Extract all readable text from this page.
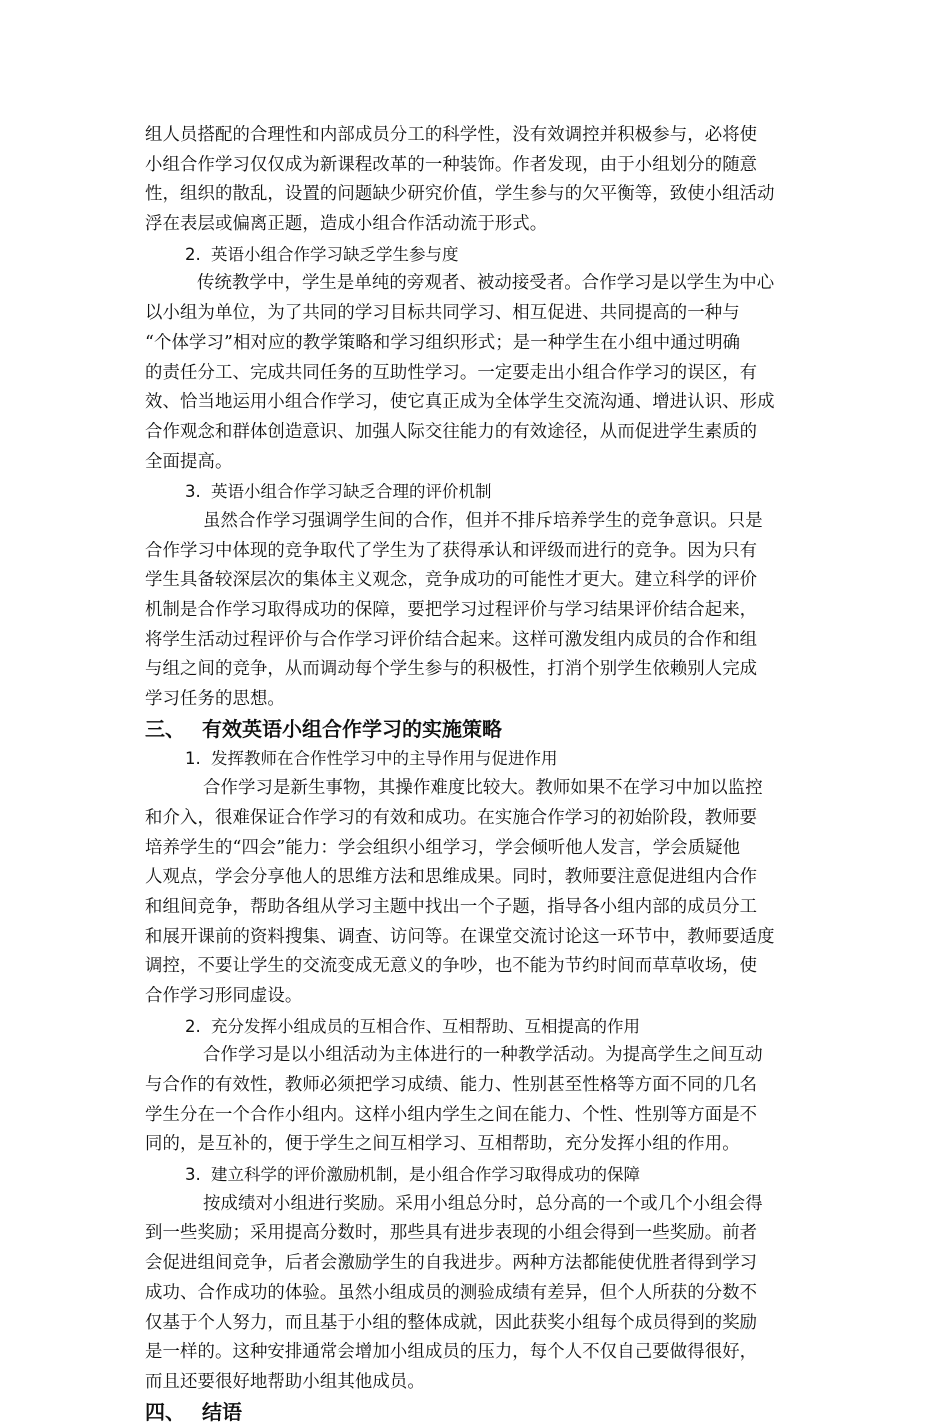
组人员搭配的合理性和内部成员分工的科学性，没有效调控并积极参与，必将使
小组合作学习仅仅成为新课程改革的一种装饰。作者发现，由于小组划分的随意
性，组织的散乱，设置的问题缺少研究价值，学生参与的欠平衡等，致使小组活动
浮在表层或偏离正题，造成小组合作活动流于形式。
2. 英语小组合作学习缺乏学生参与度
传统教学中，学生是单纯的旁观者、被动接受者。合作学习是以学生为中心
以小组为单位，为了共同的学习目标共同学习、相互促进、共同提高的一种与
“个体学习”相对应的教学策略和学习组织形式；是一种学生在小组中通过明确
的责任分工、完成共同任务的互助性学习。一定要走出小组合作学习的误区，有
效、恰当地运用小组合作学习，使它真正成为全体学生交流沟通、增进认识、形成
合作观念和群体创造意识、加强人际交往能力的有效途径，从而促进学生素质的
全面提高。
3. 英语小组合作学习缺乏合理的评价机制
虽然合作学习强调学生间的合作，但并不排斥培养学生的竞争意识。只是
合作学习中体现的竞争取代了学生为了获得承认和评级而进行的竞争。因为只有
学生具备较深层次的集体主义观念，竞争成功的可能性才更大。建立科学的评价
机制是合作学习取得成功的保障，要把学习过程评价与学习结果评价结合起来，
将学生活动过程评价与合作学习评价结合起来。这样可激发组内成员的合作和组
与组之间的竞争，从而调动每个学生参与的积极性，打消个别学生依赖别人完成
学习任务的思想。
三、 有效英语小组合作学习的实施策略
1. 发挥教师在合作性学习中的主导作用与促进作用
合作学习是新生事物，其操作难度比较大。教师如果不在学习中加以监控
和介入，很难保证合作学习的有效和成功。在实施合作学习的初始阶段，教师要
培养学生的“四会”能力：学会组织小组学习，学会倾听他人发言，学会质疑他
人观点，学会分享他人的思维方法和思维成果。同时，教师要注意促进组内合作
和组间竞争，帮助各组从学习主题中找出一个子题，指导各小组内部的成员分工
和展开课前的资料搜集、调查、访问等。在课堂交流讨论这一环节中，教师要适度
调控，不要让学生的交流变成无意义的争吵，也不能为节约时间而草草收场，使
合作学习形同虚设。
2. 充分发挥小组成员的互相合作、互相帮助、互相提高的作用
合作学习是以小组活动为主体进行的一种教学活动。为提高学生之间互动
与合作的有效性，教师必须把学习成绩、能力、性别甚至性格等方面不同的几名
学生分在一个合作小组内。这样小组内学生之间在能力、个性、性别等方面是不
同的，是互补的，便于学生之间互相学习、互相帮助，充分发挥小组的作用。
3. 建立科学的评价激励机制，是小组合作学习取得成功的保障
按成绩对小组进行奖励。采用小组总分时，总分高的一个或几个小组会得
到一些奖励；采用提高分数时，那些具有进步表现的小组会得到一些奖励。前者
会促进组间竞争，后者会激励学生的自我进步。两种方法都能使优胜者得到学习
成功、合作成功的体验。虽然小组成员的测验成绩有差异，但个人所获的分数不
仅基于个人努力，而且基于小组的整体成就，因此获奖小组每个成员得到的奖励
是一样的。这种安排通常会增加小组成员的压力，每个人不仅自己要做得很好，
而且还要很好地帮助小组其他成员。
四、 结语
